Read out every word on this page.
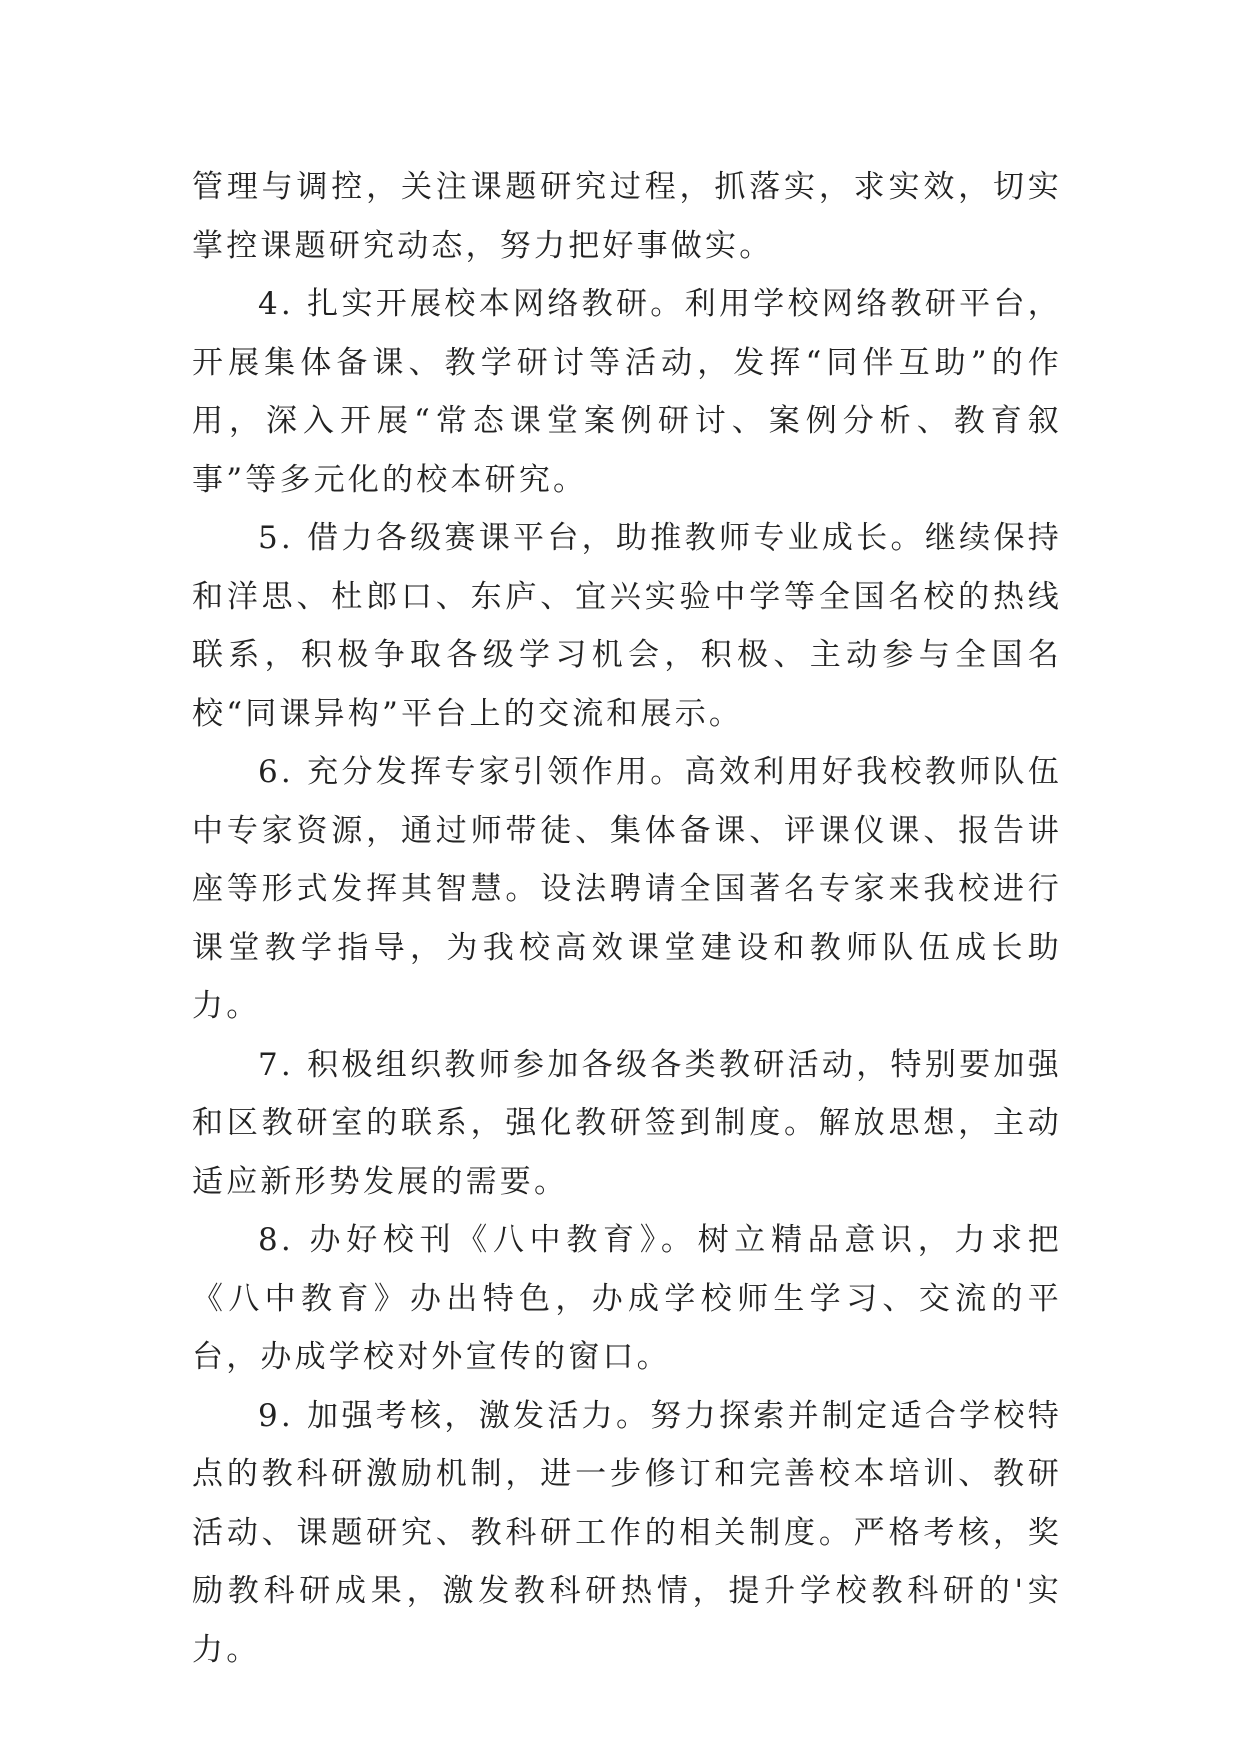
管理与调控，关注课题研究过程，抓落实，求实效，切实掌控课题研究动态，努力把好事做实。

4. 扎实开展校本网络教研。利用学校网络教研平台，开展集体备课、教学研讨等活动，发挥“同伴互助”的作用，深入开展“常态课堂案例研讨、案例分析、教育叙事”等多元化的校本研究。

5. 借力各级赛课平台，助推教师专业成长。继续保持和洋思、杜郎口、东庐、宜兴实验中学等全国名校的热线联系，积极争取各级学习机会，积极、主动参与全国名校“同课异构”平台上的交流和展示。

6. 充分发挥专家引领作用。高效利用好我校教师队伍中专家资源，通过师带徒、集体备课、评课仪课、报告讲座等形式发挥其智慧。设法聘请全国著名专家来我校进行课堂教学指导，为我校高效课堂建设和教师队伍成长助力。

7. 积极组织教师参加各级各类教研活动，特别要加强和区教研室的联系，强化教研签到制度。解放思想，主动适应新形势发展的需要。

8. 办好校刊《八中教育》。树立精品意识，力求把《八中教育》办出特色，办成学校师生学习、交流的平台，办成学校对外宣传的窗口。

9. 加强考核，激发活力。努力探索并制定适合学校特点的教科研激励机制，进一步修订和完善校本培训、教研活动、课题研究、教科研工作的相关制度。严格考核，奖励教科研成果，激发教科研热情，提升学校教科研的'实力。
